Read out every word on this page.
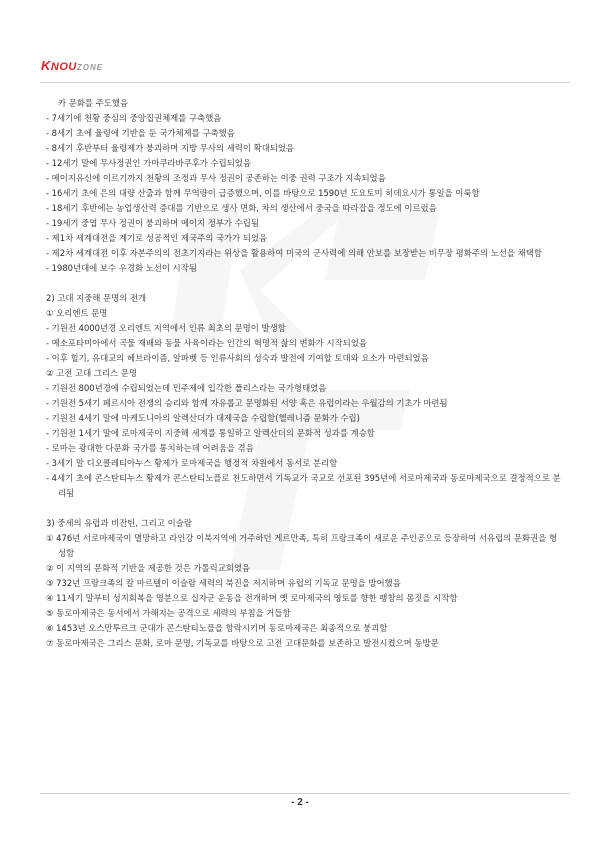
KNOUZONE

카 문화를 주도했음

- 7세기에 천황 중심의 중앙집권체제를 구축했음

- 8세기 초에 율령에 기반을 둔 국가체제를 구축했음

- 8세기 후반부터 율령제가 붕괴하며 지방 무사의 세력이 확대되었음

- 12세기 말에 무사정권인 가마쿠라바쿠후가 수립되었음

- 메이지유신에 이르기까지 천황의 조정과 무사 정권이 공존하는 이중 권력 구조가 지속되었음

- 16세기 초에 은의 대량 산출과 함께 무역량이 급증했으며, 이를 바탕으로 1590년 도요토미 히데요시가 통일을 이룩함

- 18세기 후반에는 농업생산력 증대를 기반으로 생사 면화, 차의 생산에서 중국을 따라잡을 정도에 이르렀음

- 19세기 중엽 무사 정권이 붕괴하며 메이지 정부가 수립됨

- 제1차 세계대전을 계기로 성공적인 제국주의 국가가 되었음

- 제2차 세계대전 이후 자본주의의 전초기지라는 위상을 활용하여 미국의 군사력에 의해 안보를 보장받는 비무장 평화주의 노선을 채택함

- 1980년대에 보수 우경화 노선이 시작됨

2) 고대 지중해 문명의 전개

① 오리엔트 문명

- 기원전 4000년경 오리엔트 지역에서 인류 최초의 문명이 발생함

- 메소포타미아에서 곡물 재배와 동물 사육이라는 인간의 혁명적 삶의 변화가 시작되었음

- 이후 힐기, 유대교의 헤브라이즘, 알파벳 등 인류사회의 성숙과 발전에 기여할 토대와 요소가 마련되었음

② 고전 고대 그리스 문명

- 기원전 800년경에 수립되었는데 민주제에 입각한 폴리스라는 국가형태였음

- 기원전 5세기 페르시아 전쟁의 승리와 함께 자유롭고 문명화된 서양 혹은 유럽이라는 우월감의 기초가 마련됨

- 기원전 4세기 말에 마케도니아의 알렉산더가 대제국을 수립함(헬레니즘 문화가 수립)

- 기원전 1세기 말에 로마제국이 지중해 세계를 통일하고 알렉산더의 문화적 성과를 계승함

- 로마는 광대한 다문화 국가를 통치하는데 어려움을 겪음

- 3세기 말 디오클레티아누스 황제가 로마제국을 행정적 차원에서 동서로 분리함

- 4세기 초에 콘스탄티누스 황제가 콘스탄티노플로 천도하면서 기독교가 국교로 선포된 395년에 서로마제국과 동로마제국으로 결정적으로 분리됨

3) 중세의 유럽과 비잔틴, 그리고 이슬람

① 476년 서로마제국이 멸망하고 라인강 이북지역에 거주하던 게르만족, 특히 프랑크족이 새로운 주인공으로 등장하여 서유럽의 문화권을 형성함

② 이 지역의 문화적 기반을 제공한 것은 가톨릭교회였음

③ 732년 프랑크족의 칼 마르텔이 이슬람 세력의 북진을 저지하며 유럽의 기독교 문명을 방어했음

④ 11세기 말부터 성지회복을 명분으로 십자군 운동을 전개하며 옛 로마제국의 영토를 향한 팽창의 몸짓을 시작함

⑤ 동로마제국은 동서에서 가해지는 공격으로 세력의 부침을 거듭함

⑥ 1453년 오스만투르크 군대가 콘스탄티노플을 함락시키며 동로마제국은 최종적으로 붕괴함

⑦ 동로마제국은 그리스 문화, 로마 문명, 기독교를 바탕으로 고전 고대문화를 보존하고 발전시켰으며 동방문

- 2 -
